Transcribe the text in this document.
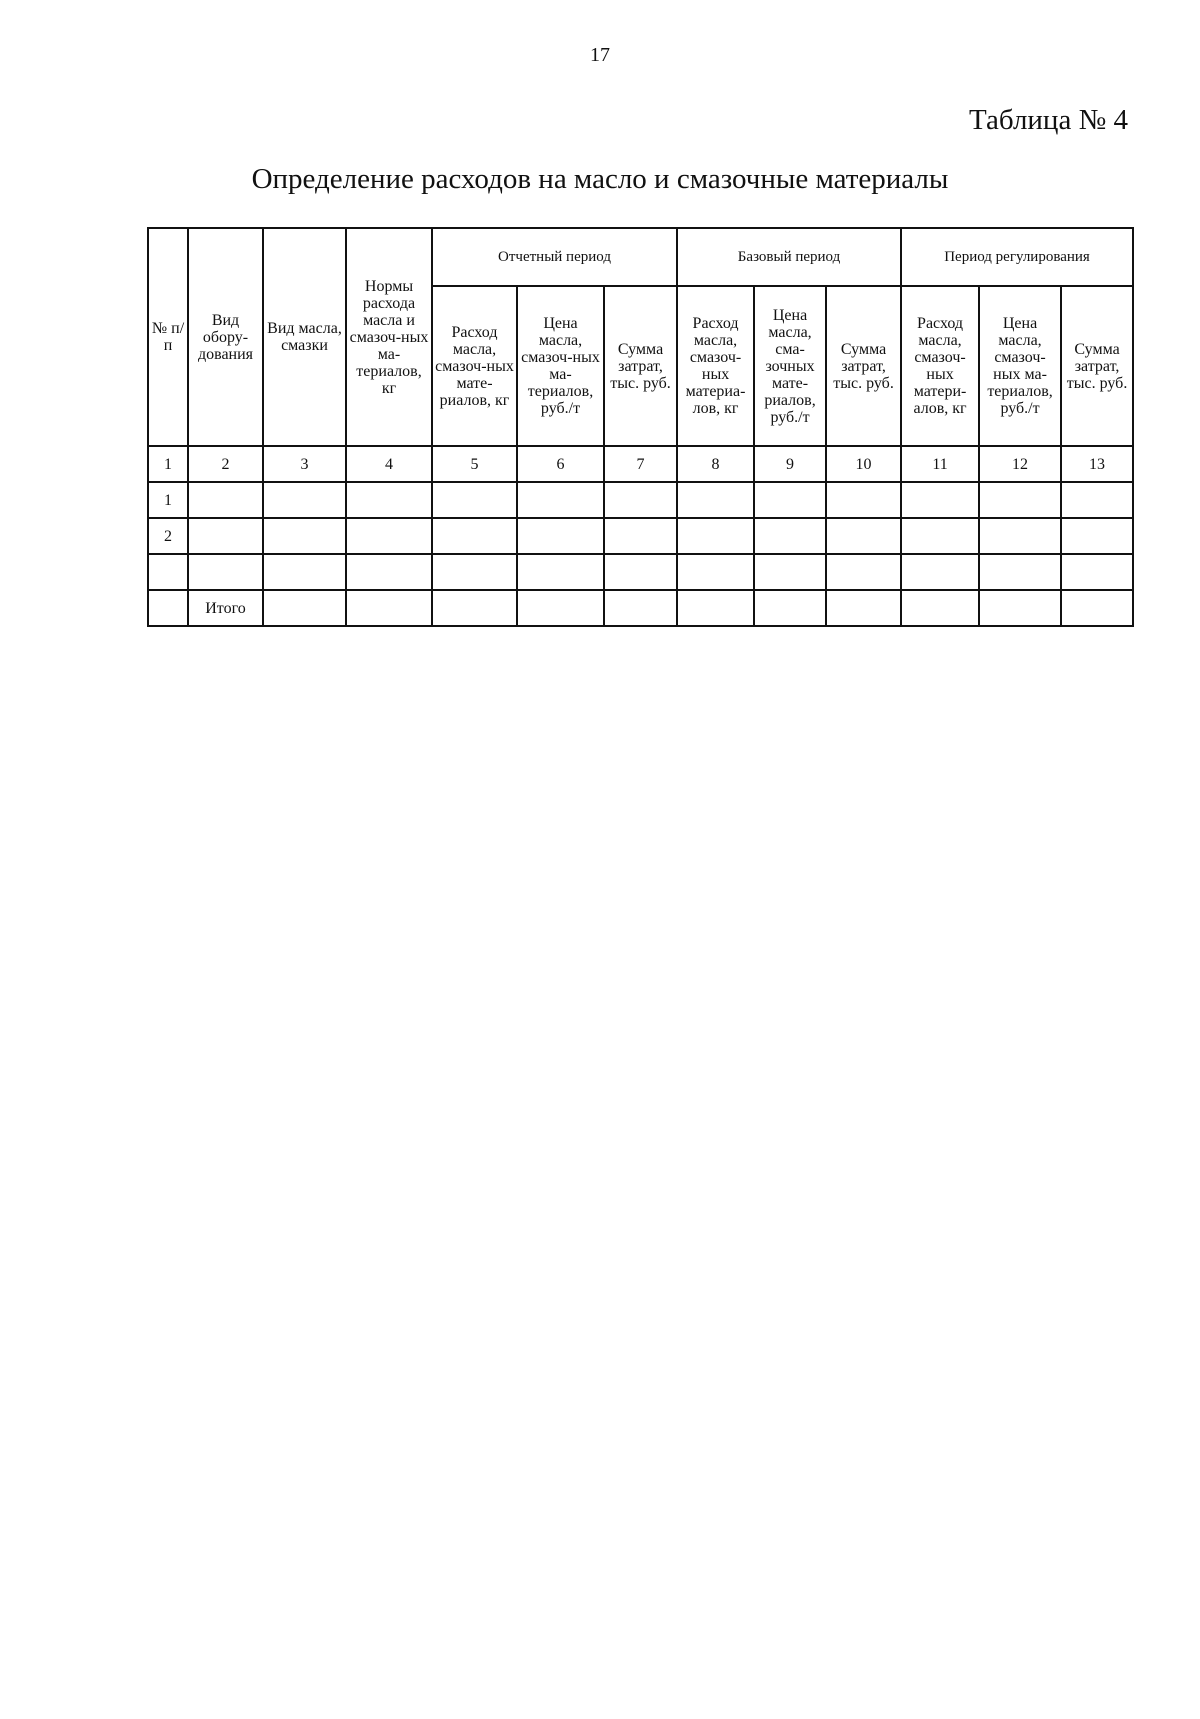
17
Таблица № 4
Определение расходов на масло и смазочные материалы
№ п/п	Вид обору-дования	Вид масла, смазки	Нормы расхода масла и смазоч-ных ма-териалов, кг	Отчетный период			Базовый период			Период регулирования		
				Расход масла, смазоч-ных мате-риалов, кг	Цена масла, смазоч-ных ма-териалов, руб./т	Сумма затрат, тыс. руб.	Расход масла, смазоч-ных материа-лов, кг	Цена масла, сма-зочных мате-риалов, руб./т	Сумма затрат, тыс. руб.	Расход масла, смазоч-ных матери-алов, кг	Цена масла, смазоч-ных ма-териалов, руб./т	Сумма затрат, тыс. руб.
1	2	3	4	5	6	7	8	9	10	11	12	13
1												
2												

	Итого											
